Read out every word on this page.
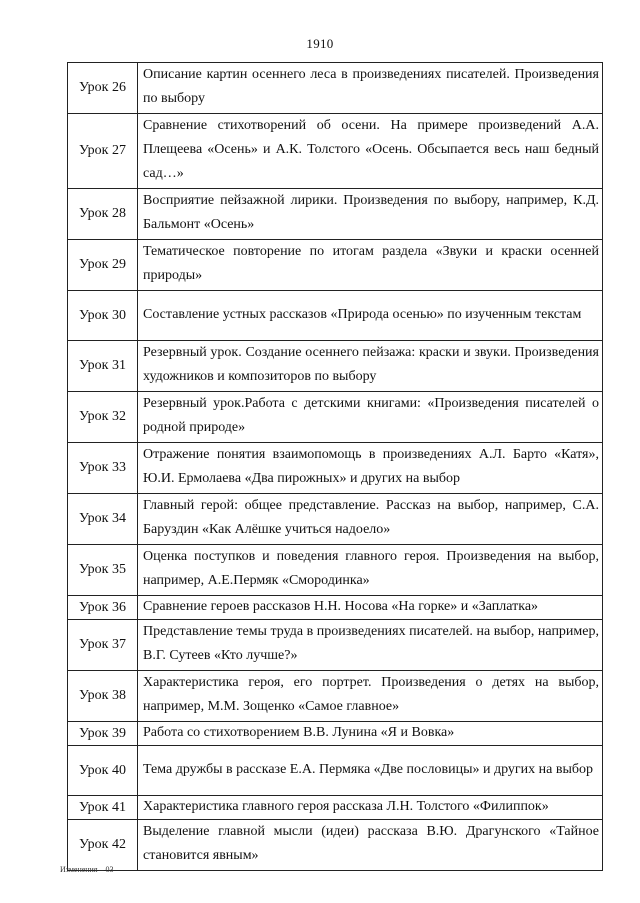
1910
Урок 26	Описание картин осеннего леса в произведениях писателей. Произведения по выбору
Урок 27	Сравнение стихотворений об осени. На примере произведений А.А. Плещеева «Осень» и А.К. Толстого «Осень. Обсыпается весь наш бедный сад…»
Урок 28	Восприятие пейзажной лирики. Произведения по выбору, например, К.Д. Бальмонт «Осень»
Урок 29	Тематическое повторение по итогам раздела «Звуки и краски осенней природы»
Урок 30	Составление устных рассказов «Природа осенью» по изученным текстам
Урок 31	Резервный урок. Создание осеннего пейзажа: краски и звуки. Произведения художников и композиторов по выбору
Урок 32	Резервный урок.Работа с детскими книгами: «Произведения писателей о родной природе»
Урок 33	Отражение понятия взаимопомощь в произведениях А.Л. Барто «Катя», Ю.И. Ермолаева «Два пирожных» и других на выбор
Урок 34	Главный герой: общее представление. Рассказ на выбор, например, С.А. Баруздин «Как Алёшке учиться надоело»
Урок 35	Оценка поступков и поведения главного героя. Произведения на выбор, например, А.Е.Пермяк «Смородинка»
Урок 36	Сравнение героев рассказов Н.Н. Носова «На горке» и «Заплатка»
Урок 37	Представление темы труда в произведениях писателей. на выбор, например, В.Г. Сутеев «Кто лучше?»
Урок 38	Характеристика героя, его портрет. Произведения о детях на выбор, например, М.М. Зощенко «Самое главное»
Урок 39	Работа со стихотворением В.В. Лунина «Я и Вовка»
Урок 40	Тема дружбы в рассказе Е.А. Пермяка «Две пословицы» и других на выбор
Урок 41	Характеристика главного героя рассказа Л.Н. Толстого «Филиппок»
Урок 42	Выделение главной мысли (идеи) рассказа В.Ю. Драгунского «Тайное становится явным»
Изменения – 03
